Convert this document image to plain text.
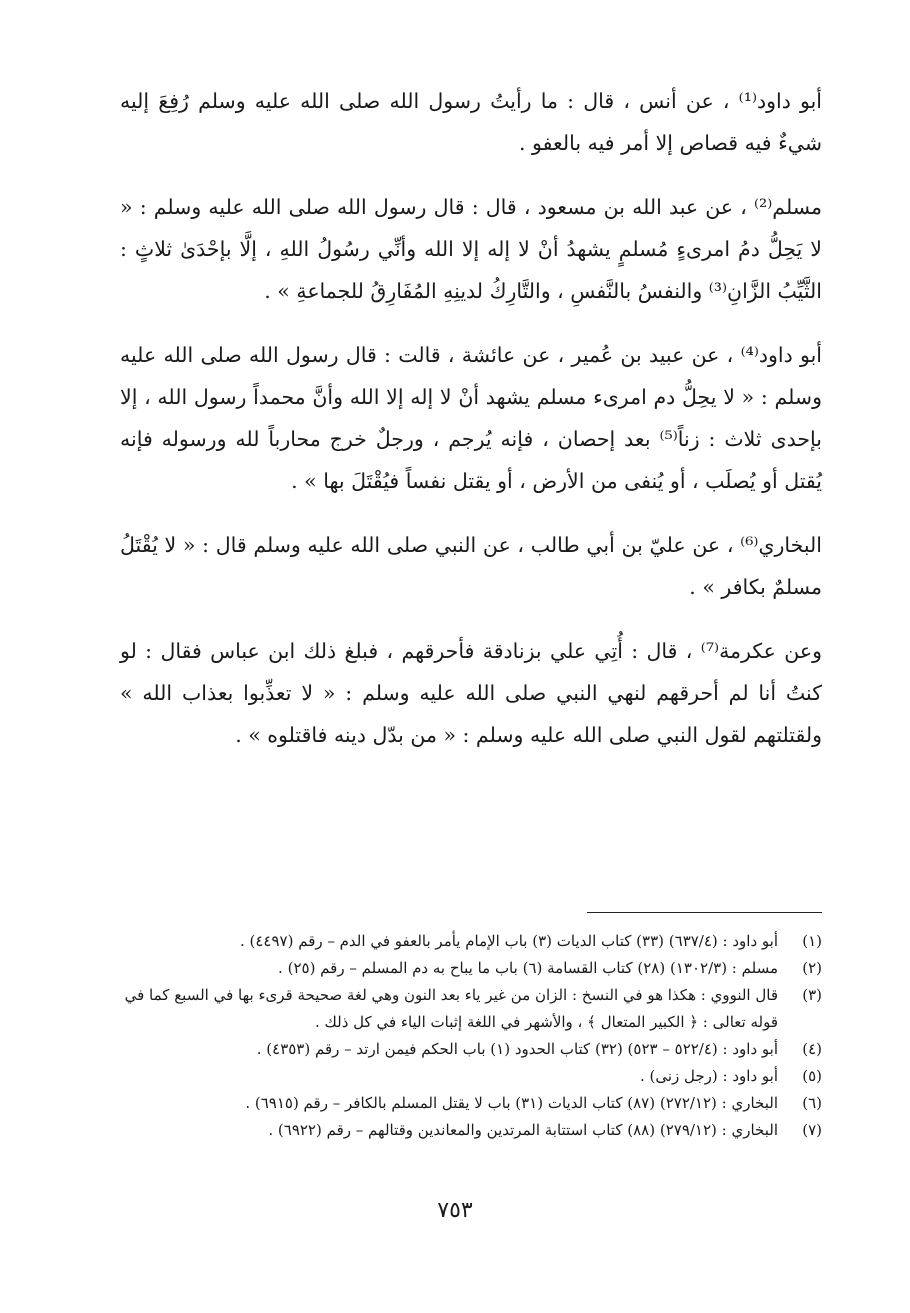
أبو داود⁽¹⁾ ، عن أنس ، قال : ما رأيتُ رسول الله صلى الله عليه وسلم رُفِعَ إليه شيءٌ فيه قصاص إلا أمر فيه بالعفو .

مسلم⁽²⁾ ، عن عبد الله بن مسعود ، قال : قال رسول الله صلى الله عليه وسلم : « لا يَحِلُّ دمُ امرىءٍ مُسلمٍ يشهدُ أنْ لا إله إلا الله وأنِّي رسُولُ اللهِ ، إلَّا بإحْدَىٰ ثلاثٍ : الثَّيِّبُ الزَّانِ⁽³⁾ والنفسُ بالنَّفسِ ، والتَّارِكُ لدينِهِ المُفَارِقُ للجماعةِ » .

أبو داود⁽⁴⁾ ، عن عبيد بن عُمير ، عن عائشة ، قالت : قال رسول الله صلى الله عليه وسلم : « لا يحِلُّ دم امرىء مسلم يشهد أنْ لا إله إلا الله وأنَّ محمداً رسول الله ، إلا بإحدى ثلاث : زناً⁽⁵⁾ بعد إحصان ، فإنه يُرجم ، ورجلٌ خرج محارباً لله ورسوله فإنه يُقتل أو يُصلَب ، أو يُنفى من الأرض ، أو يقتل نفساً فيُقْتَلَ بها » .

البخاري⁽⁶⁾ ، عن عليّ بن أبي طالب ، عن النبي صلى الله عليه وسلم قال : « لا يُقْتَلُ مسلمٌ بكافر » .

وعن عكرمة⁽⁷⁾ ، قال : أُتِي علي بزنادقة فأحرقهم ، فبلغ ذلك ابن عباس فقال : لو كنتُ أنا لم أحرقهم لنهي النبي صلى الله عليه وسلم : « لا تعذِّبوا بعذاب الله » ولقتلتهم لقول النبي صلى الله عليه وسلم : « من بدّل دينه فاقتلوه » .

(١)
أبو داود : (٦٣٧/٤) (٣٣) كتاب الديات (٣) باب الإمام يأمر بالعفو في الدم – رقم (٤٤٩٧) .
(٢)
مسلم : (١٣٠٢/٣) (٢٨) كتاب القسامة (٦) باب ما يباح به دم المسلم – رقم (٢٥) .
(٣)
قال النووي : هكذا هو في النسخ : الزان من غير ياء بعد النون وهي لغة صحيحة قرىء بها في السبع كما في قوله تعالى : ﴿ الكبير المتعال ﴾ ، والأشهر في اللغة إثبات الياء في كل ذلك .
(٤)
أبو داود : (٥٢٢/٤ – ٥٢٣) (٣٢) كتاب الحدود (١) باب الحكم فيمن ارتد – رقم (٤٣٥٣) .
(٥)
أبو داود : (رجل زنى) .
(٦)
البخاري : (٢٧٢/١٢) (٨٧) كتاب الديات (٣١) باب لا يقتل المسلم بالكافر – رقم (٦٩١٥) .
(٧)
البخاري : (٢٧٩/١٢) (٨٨) كتاب استتابة المرتدين والمعاندين وقتالهم – رقم (٦٩٢٢) .
٧٥٣
